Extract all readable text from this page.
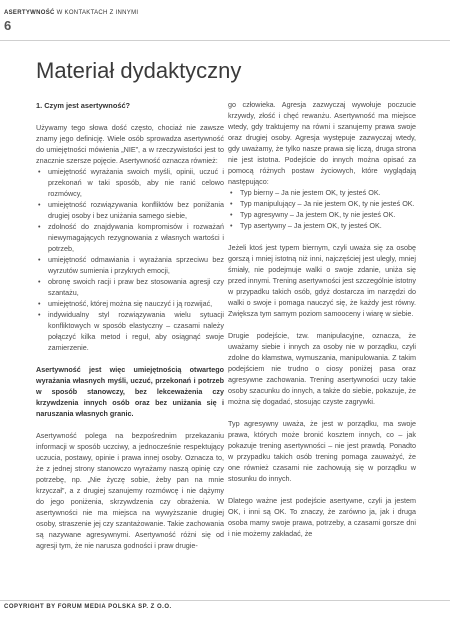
ASERTYWNOŚĆ W KONTAKTACH Z INNYMI
6
Materiał dydaktyczny
1. Czym jest asertywność?

Używamy tego słowa dość często, chociaż nie zawsze znamy jego definicję. Wiele osób sprowadza asertywność do umiejętności mówienia „NIE”, a w rzeczywistości jest to znacznie szersze pojęcie. Asertywność oznacza również:

• umiejętność wyrażania swoich myśli, opinii, uczuć i przekonań w taki sposób, aby nie ranić celowo rozmówcy,
• umiejętność rozwiązywania konfliktów bez ponižania drugiej osoby i bez uniżania samego siebie,
• zdolność do znajdywania kompromisów i rozważań niewymagających rezygnowania z własnych wartości i potrzeb,
• umiejętność odmawiania i wyrażania sprzeciwu bez wyrzutów sumienia i przykrych emocji,
• obronę swoich racji i praw bez stosowania agresji czy szantażu,
• umiejętność, której można się nauczyć i ją rozwijać,
• indywidualny styl rozwiązywania wielu sytuacji konfliktowych w sposób elastyczny – czasami należy połączyć kilka metod i reguł, aby osiągnąć swoje zamierzenie.

Asertywność jest więc umiejętnością otwartego wyrażania własnych myśli, uczuć, przekonań i potrzeb w sposób stanowczy, bez lekceważenia czy krzywdzenia innych osób oraz bez uniżania się i naruszania własnych granic.

Asertywność polega na bezpośrednim przekazaniu informacji w sposób uczciwy, a jednocześnie respektujący uczucia, postawy, opinie i prawa innej osoby. Oznacza to, że z jednej strony stanowczo wyrażamy naszą opinię czy potrzebę, np. „Nie życzę sobie, żeby pan na mnie krzyczał”, a z drugiej szanujemy rozmówcę i nie dążymy do jego poniżenia, skrzywdzenia czy obrażenia. W asertywności nie ma miejsca na wywyższanie drugiej osoby, straszenie jej czy szantażowanie. Takie zachowania są nazywane agresywnymi. Asertywność różni się od agresji tym, że nie narusza godności i praw drugie-

go człowieka. Agresja zazwyczaj wywołuje poczucie krzywdy, złość i chęć rewanżu. Asertywność ma miejsce wtedy, gdy traktujemy na równi i szanujemy prawa swoje oraz drugiej osoby. Agresja występuje zazwyczaj wtedy, gdy uważamy, że tylko nasze prawa się liczą, druga strona nie jest istotna. Podejście do innych można opisać za pomocą różnych postaw życiowych, które wyglądają następująco:

• Typ bierny – Ja nie jestem OK, ty jesteś OK.
• Typ manipulujący – Ja nie jestem OK, ty nie jesteś OK.
• Typ agresywny – Ja jestem OK, ty nie jesteś OK.
• Typ asertywny – Ja jestem OK, ty jesteś OK.

Jeżeli ktoś jest typem biernym, czyli uważa się za osobę gorszą i mniej istotną niż inni, najczęściej jest ulegly, mniej śmiały, nie podejmuje walki o swoje zdanie, uniża się przed innymi. Trening asertywności jest szczególnie istotny w przypadku takich osób, gdyż dostarcza im narzędzi do walki o swoje i pomaga nauczyć się, że każdy jest równy. Zwiększa tym samym poziom samooceny i wiarę w siebie.

Drugie podejście, tzw. manipulacyjne, oznacza, że uważamy siebie i innych za osoby nie w porządku, czyli zdolne do kłamstwa, wymuszania, manipulowania. Z takim podejściem nie trudno o ciosy poniżej pasa oraz agresywne zachowania. Trening asertywności uczy takie osoby szacunku do innych, a także do siebie, pokazuje, że można się dogadać, stosując czyste zagrywki.

Typ agresywny uważa, że jest w porządku, ma swoje prawa, których może bronić kosztem innych, co – jak pokazuje trening asertywności – nie jest prawdą. Ponadto w przypadku takich osób trening pomaga zauważyć, że one również czasami nie zachowują się w porządku w stosunku do innych.

Dlatego ważne jest podejście asertywne, czyli ja jestem OK, i inni są OK. To znaczy, że zarówno ja, jak i druga osoba mamy swoje prawa, potrzeby, a czasami gorsze dni i nie możemy zakładać, że

COPYRIGHT BY FORUM MEDIA POLSKA SP. Z O.O.
